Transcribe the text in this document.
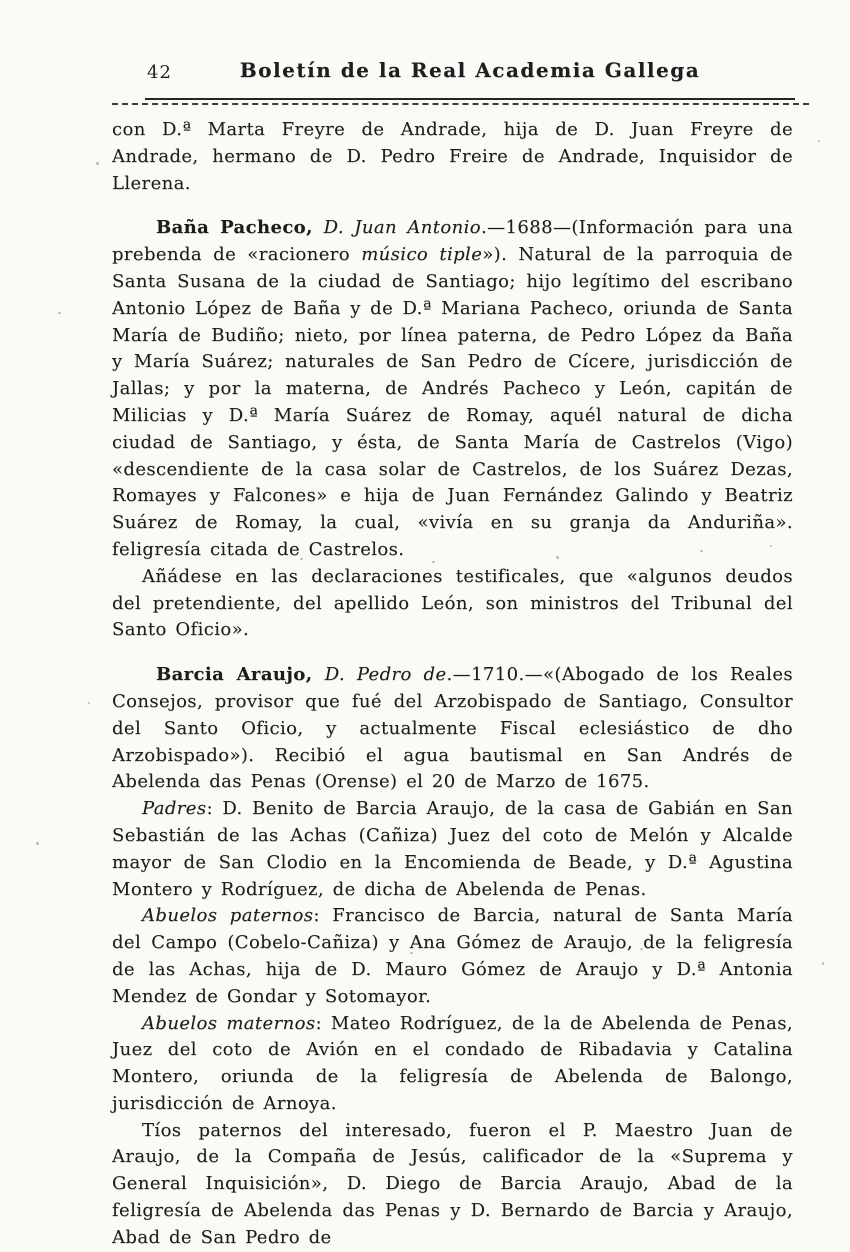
42	Boletín de la Real Academia Gallega

con D.ª Marta Freyre de Andrade, hija de D. Juan Freyre de Andrade, hermano de D. Pedro Freire de Andrade, Inquisidor de Llerena.

Baña Pacheco, D. Juan Antonio.—1688—(Información para una prebenda de «racionero músico tiple»). Natural de la parroquia de Santa Susana de la ciudad de Santiago; hijo legítimo del escribano Antonio López de Baña y de D.ª Mariana Pacheco, oriunda de Santa María de Budiño; nieto, por línea paterna, de Pedro López da Baña y María Suárez; naturales de San Pedro de Cícere, jurisdicción de Jallas; y por la materna, de Andrés Pacheco y León, capitán de Milicias y D.ª María Suárez de Romay, aquél natural de dicha ciudad de Santiago, y ésta, de Santa María de Castrelos (Vigo) «descendiente de la casa solar de Castrelos, de los Suárez Dezas, Romayes y Falcones» e hija de Juan Fernández Galindo y Beatriz Suárez de Romay, la cual, «vivía en su granja da Anduriña». feligresía citada de Castrelos.

Añádese en las declaraciones testificales, que «algunos deudos del pretendiente, del apellido León, son ministros del Tribunal del Santo Oficio».

Barcia Araujo, D. Pedro de.—1710.—«(Abogado de los Reales Consejos, provisor que fué del Arzobispado de Santiago, Consultor del Santo Oficio, y actualmente Fiscal eclesiástico de dho Arzobispado»). Recibió el agua bautismal en San Andrés de Abelenda das Penas (Orense) el 20 de Marzo de 1675.

Padres: D. Benito de Barcia Araujo, de la casa de Gabián en San Sebastián de las Achas (Cañiza) Juez del coto de Melón y Alcalde mayor de San Clodio en la Encomienda de Beade, y D.ª Agustina Montero y Rodríguez, de dicha de Abelenda de Penas.

Abuelos paternos: Francisco de Barcia, natural de Santa María del Campo (Cobelo-Cañiza) y Ana Gómez de Araujo, de la feligresía de las Achas, hija de D. Mauro Gómez de Araujo y D.ª Antonia Mendez de Gondar y Sotomayor.

Abuelos maternos: Mateo Rodríguez, de la de Abelenda de Penas, Juez del coto de Avión en el condado de Ribadavia y Catalina Montero, oriunda de la feligresía de Abelenda de Balongo, jurisdicción de Arnoya.

Tíos paternos del interesado, fueron el P. Maestro Juan de Araujo, de la Compaña de Jesús, calificador de la «Suprema y General Inquisición», D. Diego de Barcia Araujo, Abad de la feligresía de Abelenda das Penas y D. Bernardo de Barcia y Araujo, Abad de San Pedro de
